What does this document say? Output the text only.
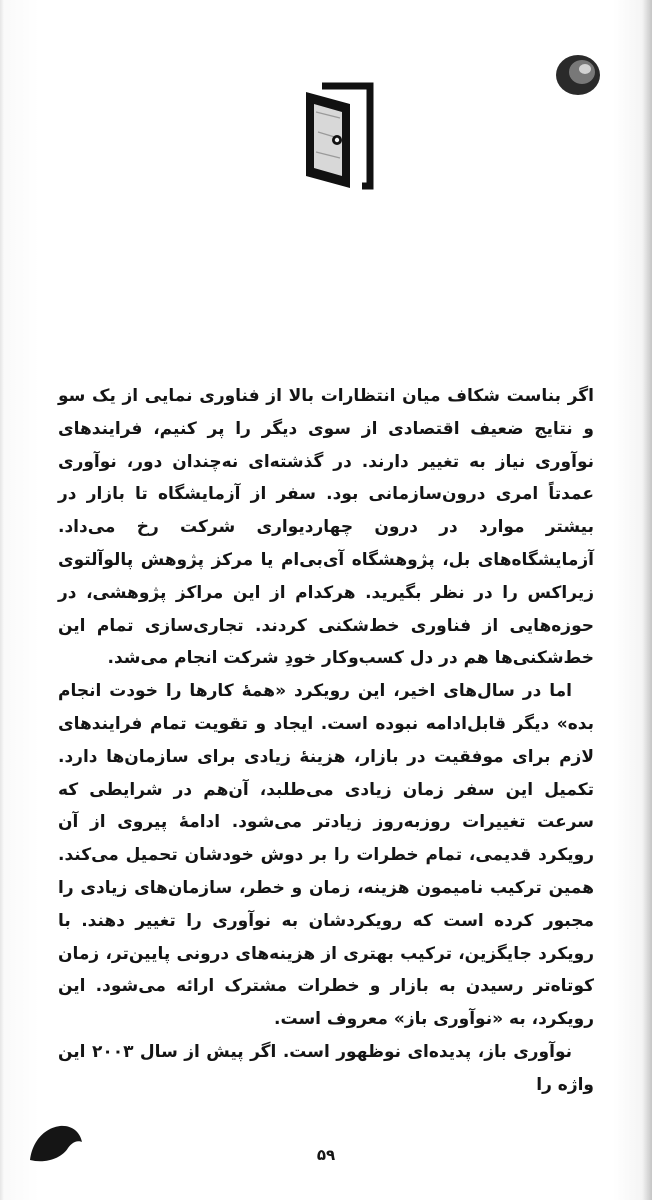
اگر بناست شکاف میان انتظارات بالا از فناوری نمایی از یک سو و نتایج ضعیف اقتصادی از سوی دیگر را پر کنیم، فرایندهای نوآوری نیاز به تغییر دارند. در گذشته‌ای نه‌چندان دور، نوآوری عمدتاً امری درون‌سازمانی بود. سفر از آزمایشگاه تا بازار در بیشتر موارد در درون چهاردیواری شرکت رخ می‌داد. آزمایشگاه‌های بل، پژوهشگاه آی‌بی‌ام یا مرکز پژوهش پالوآلتوی زیراکس را در نظر بگیرید. هرکدام از این مراکز پژوهشی، در حوزه‌هایی از فناوری خط‌شکنی کردند. تجاری‌سازی تمام این خط‌شکنی‌ها هم در دل کسب‌وکار خودِ شرکت انجام می‌شد.

اما در سال‌های اخیر، این رویکرد «همهٔ کارها را خودت انجام بده» دیگر قابل‌ادامه نبوده است. ایجاد و تقویت تمام فرایندهای لازم برای موفقیت در بازار، هزینهٔ زیادی برای سازمان‌ها دارد. تکمیل این سفر زمان زیادی می‌طلبد، آن‌هم در شرایطی که سرعت تغییرات روزبه‌روز زیادتر می‌شود. ادامهٔ پیروی از آن رویکرد قدیمی، تمام خطرات را بر دوش خودشان تحمیل می‌کند. همین ترکیب نامیمون هزینه، زمان و خطر، سازمان‌های زیادی را مجبور کرده است که رویکردشان به نوآوری را تغییر دهند. با رویکرد جایگزین، ترکیب بهتری از هزینه‌های درونی پایین‌تر، زمان کوتاه‌تر رسیدن به بازار و خطرات مشترک ارائه می‌شود. این رویکرد، به «نوآوری باز» معروف است.

نوآوری باز، پدیده‌ای نوظهور است. اگر پیش از سال ۲۰۰۳ این واژه را

۵۹
